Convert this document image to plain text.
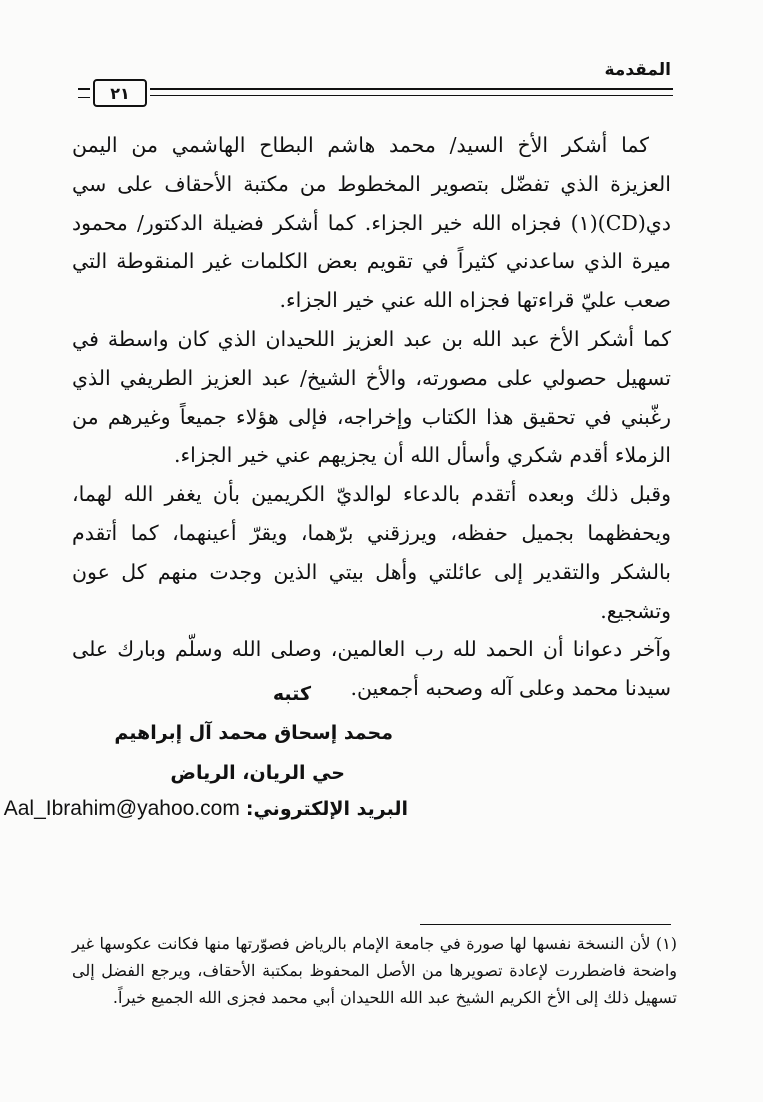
المقدمة
٢١

كما أشكر الأخ السيد/ محمد هاشم البطاح الهاشمي من اليمن العزيزة الذي تفضّل بتصوير المخطوط من مكتبة الأحقاف على سي دي(CD)(١) فجزاه الله خير الجزاء. كما أشكر فضيلة الدكتور/ محمود ميرة الذي ساعدني كثيراً في تقويم بعض الكلمات غير المنقوطة التي صعب عليّ قراءتها فجزاه الله عني خير الجزاء.

كما أشكر الأخ عبد الله بن عبد العزيز اللحيدان الذي كان واسطة في تسهيل حصولي على مصورته، والأخ الشيخ/ عبد العزيز الطريفي الذي رغّبني في تحقيق هذا الكتاب وإخراجه، فإلى هؤلاء جميعاً وغيرهم من الزملاء أقدم شكري وأسأل الله أن يجزيهم عني خير الجزاء.

وقبل ذلك وبعده أتقدم بالدعاء لوالديّ الكريمين بأن يغفر الله لهما، ويحفظهما بجميل حفظه، ويرزقني برّهما، ويقرّ أعينهما، كما أتقدم بالشكر والتقدير إلى عائلتي وأهل بيتي الذين وجدت منهم كل عون وتشجيع.

وآخر دعوانا أن الحمد لله رب العالمين، وصلى الله وسلّم وبارك على سيدنا محمد وعلى آله وصحبه أجمعين.

كتبه
محمد إسحاق محمد آل إبراهيم
حي الريان، الرياض
البريد الإلكتروني:
Aal_Ibrahim@yahoo.com

(١) لأن النسخة نفسها لها صورة في جامعة الإمام بالرياض فصوّرتها منها فكانت عكوسها غير واضحة فاضطررت لإعادة تصويرها من الأصل المحفوظ بمكتبة الأحقاف، ويرجع الفضل إلى تسهيل ذلك إلى الأخ الكريم الشيخ عبد الله اللحيدان أبي محمد فجزى الله الجميع خيراً.
